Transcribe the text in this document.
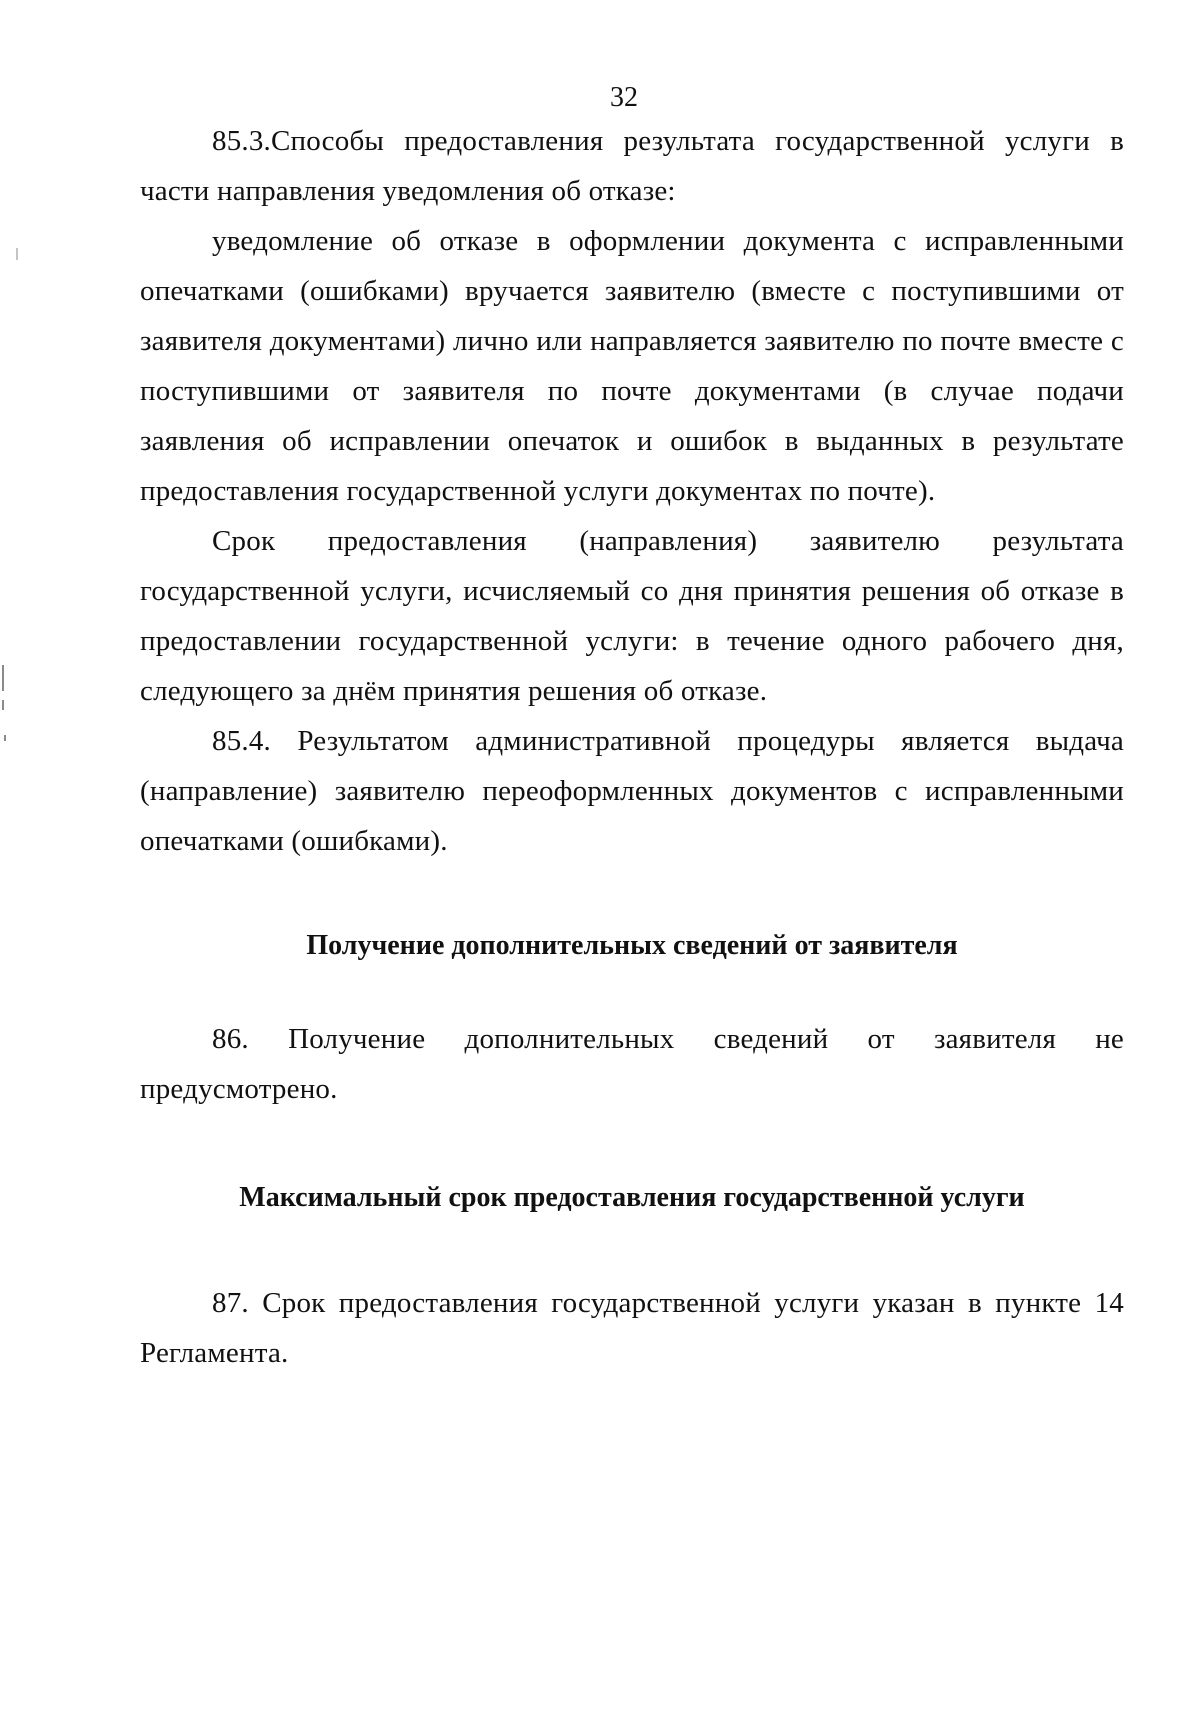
32

85.3.Способы предоставления результата государственной услуги в части направления уведомления об отказе:

уведомление об отказе в оформлении документа с исправленными опечатками (ошибками) вручается заявителю (вместе с поступившими от заявителя документами) лично или направляется заявителю по почте вместе с поступившими от заявителя по почте документами (в случае подачи заявления об исправлении опечаток и ошибок в выданных в результате предоставления государственной услуги документах по почте).

Срок предоставления (направления) заявителю результата государственной услуги, исчисляемый со дня принятия решения об отказе в предоставлении государственной услуги: в течение одного рабочего дня, следующего за днём принятия решения об отказе.

85.4. Результатом административной процедуры является выдача (направление) заявителю переоформленных документов с исправленными опечатками (ошибками).

Получение дополнительных сведений от заявителя

86. Получение дополнительных сведений от заявителя не предусмотрено.

Максимальный срок предоставления государственной услуги

87. Срок предоставления государственной услуги указан в пункте 14 Регламента.
